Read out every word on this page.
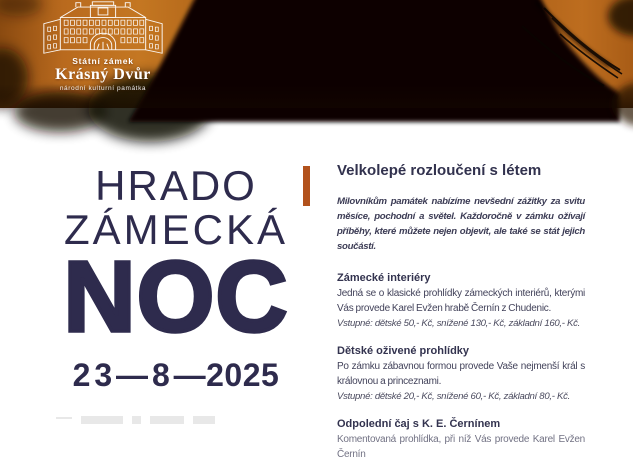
Státní zámek
Krásný Dvůr
národní kulturní památka
HRADO
ZÁMECKÁ
NOC
2 3 — 8 —2025
Velkolepé rozloučení s létem

Milovníkům památek nabízíme nevšední zážitky za svitu měsíce, pochodní a světel. Každoročně v zámku ožívají příběhy, které můžete nejen objevit, ale také se stát jejich součástí.

Zámecké interiéry

Jedná se o klasické prohlídky zámeckých interiérů, kterými Vás provede Karel Evžen hrabě Černín z Chudenic.

Vstupné: dětské 50,- Kč, snížené 130,- Kč, základní 160,- Kč.

Dětské oživené prohlídky

Po zámku zábavnou formou provede Vaše nejmenší král s královnou a princeznami.

Vstupné: dětské 20,- Kč, snížené 60,- Kč, základní 80,- Kč.

Odpolední čaj s K. E. Černínem

Komentovaná prohlídka, při níž Vás provede Karel Evžen Černín
